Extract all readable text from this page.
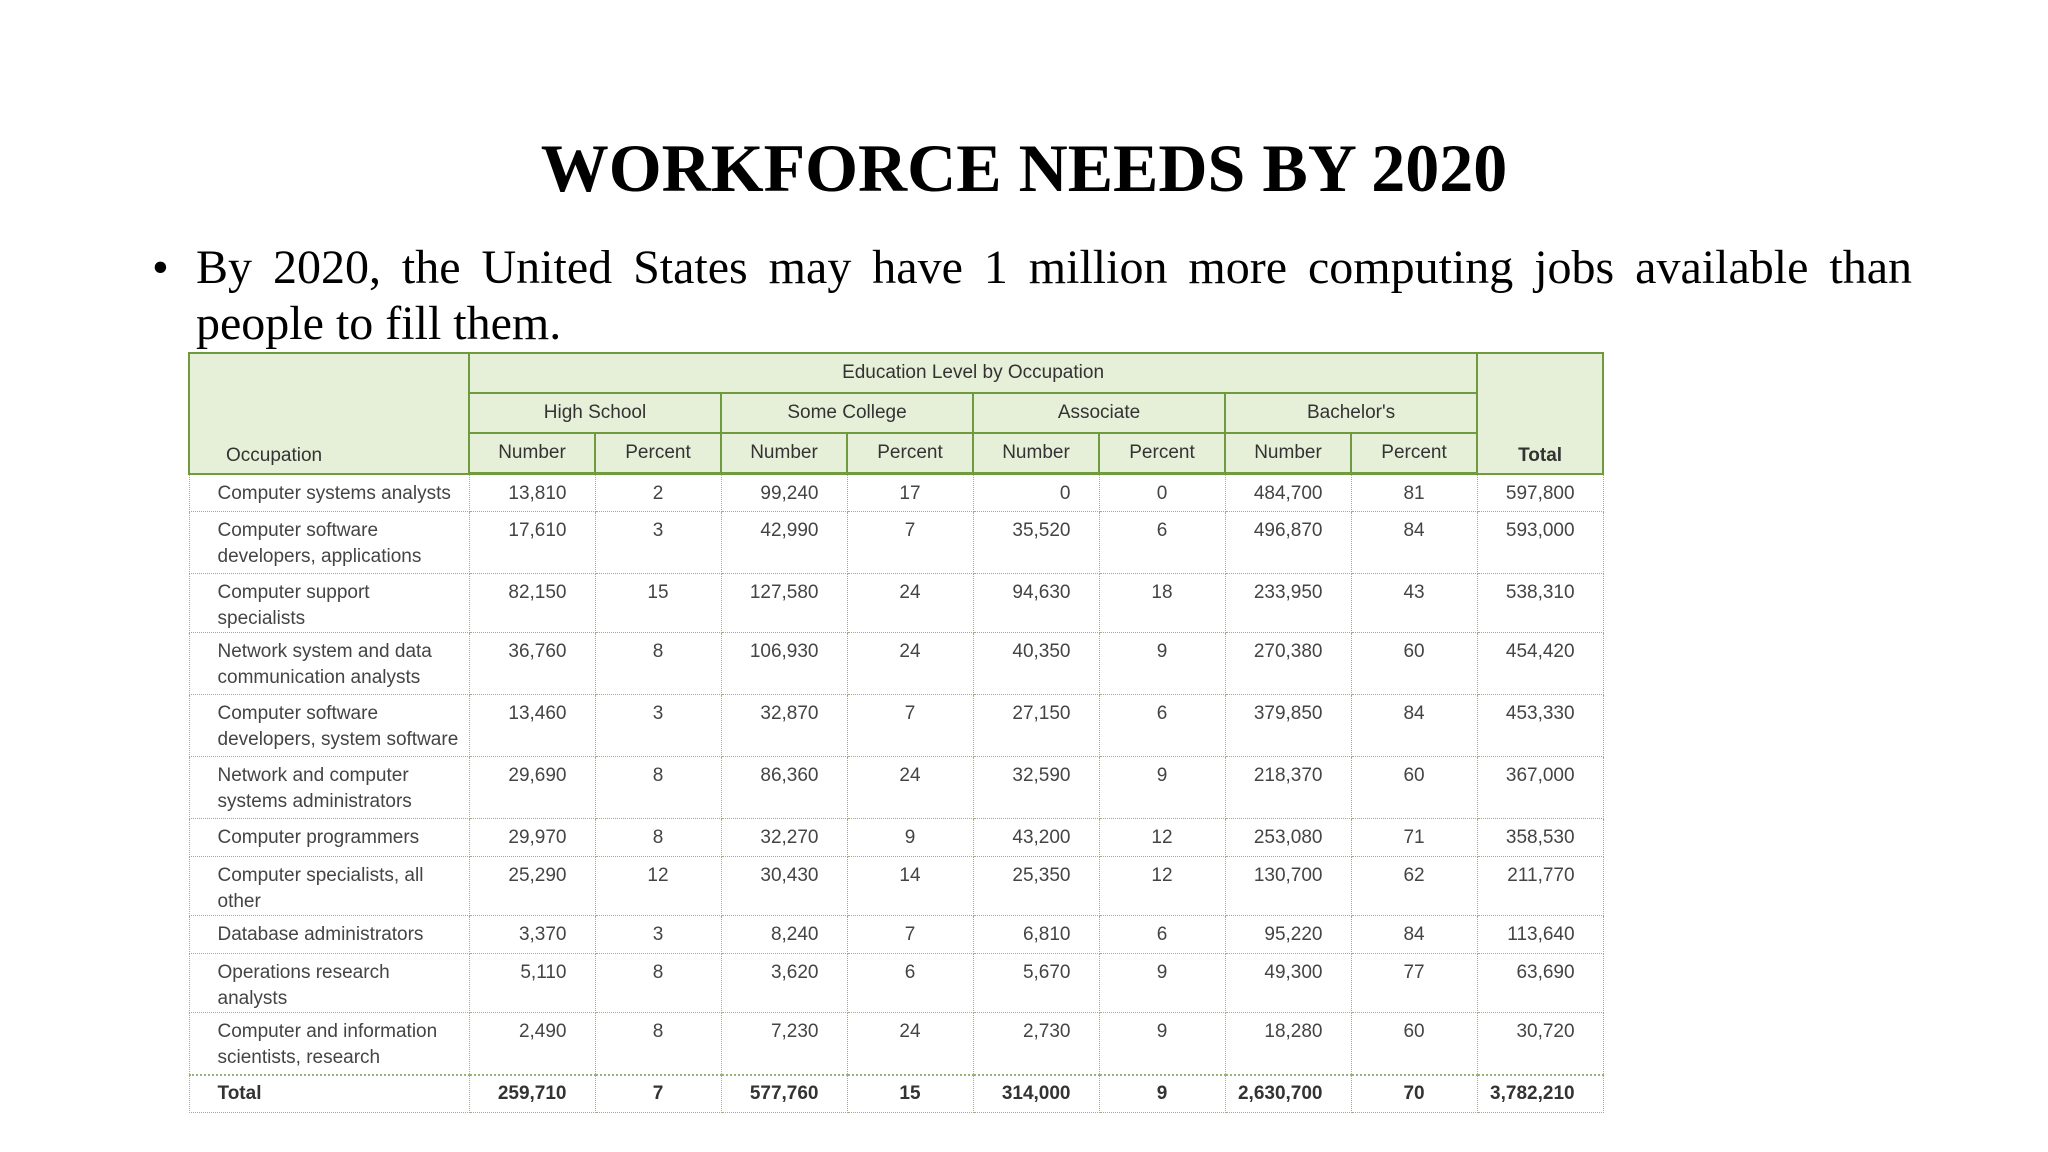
WORKFORCE NEEDS BY 2020
• By 2020, the United States may have 1 million more computing jobs available than people to fill them.
Occupation	Education Level by Occupation								Total
	High School		Some College		Associate		Bachelor's		
	Number	Percent	Number	Percent	Number	Percent	Number	Percent	
Computer systems analysts	13,810	2	99,240	17	0	0	484,700	81	597,800
Computer software developers, applications	17,610	3	42,990	7	35,520	6	496,870	84	593,000
Computer support specialists	82,150	15	127,580	24	94,630	18	233,950	43	538,310
Network system and data communication analysts	36,760	8	106,930	24	40,350	9	270,380	60	454,420
Computer software developers, system software	13,460	3	32,870	7	27,150	6	379,850	84	453,330
Network and computer systems administrators	29,690	8	86,360	24	32,590	9	218,370	60	367,000
Computer programmers	29,970	8	32,270	9	43,200	12	253,080	71	358,530
Computer specialists, all other	25,290	12	30,430	14	25,350	12	130,700	62	211,770
Database administrators	3,370	3	8,240	7	6,810	6	95,220	84	113,640
Operations research analysts	5,110	8	3,620	6	5,670	9	49,300	77	63,690
Computer and information scientists, research	2,490	8	7,230	24	2,730	9	18,280	60	30,720
Total	259,710	7	577,760	15	314,000	9	2,630,700	70	3,782,210
